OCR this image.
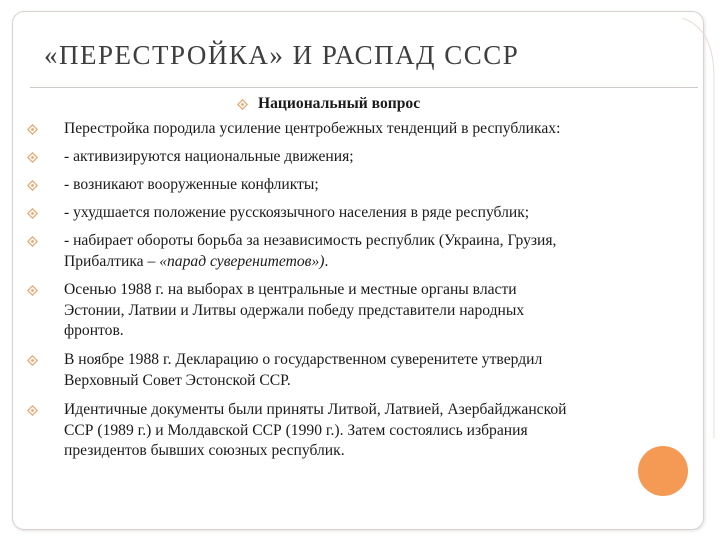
«ПЕРЕСТРОЙКА» И РАСПАД СССР
Национальный вопрос
Перестройка породила усиление центробежных тенденций в республиках:
- активизируются национальные движения;
- возникают вооруженные конфликты;
- ухудшается положение русскоязычного населения в ряде республик;
- набирает обороты борьба за независимость республик (Украина, Грузия,
Прибалтика – «парад суверенитетов»).
Осенью 1988 г. на выборах в центральные и местные органы власти
Эстонии, Латвии и Литвы одержали победу представители народных
фронтов.
В ноябре 1988 г. Декларацию о государственном суверенитете утвердил
Верховный Совет Эстонской ССР.
Идентичные документы были приняты Литвой, Латвией, Азербайджанской
ССР (1989 г.) и Молдавской ССР (1990 г.). Затем состоялись избрания
президентов бывших союзных республик.
